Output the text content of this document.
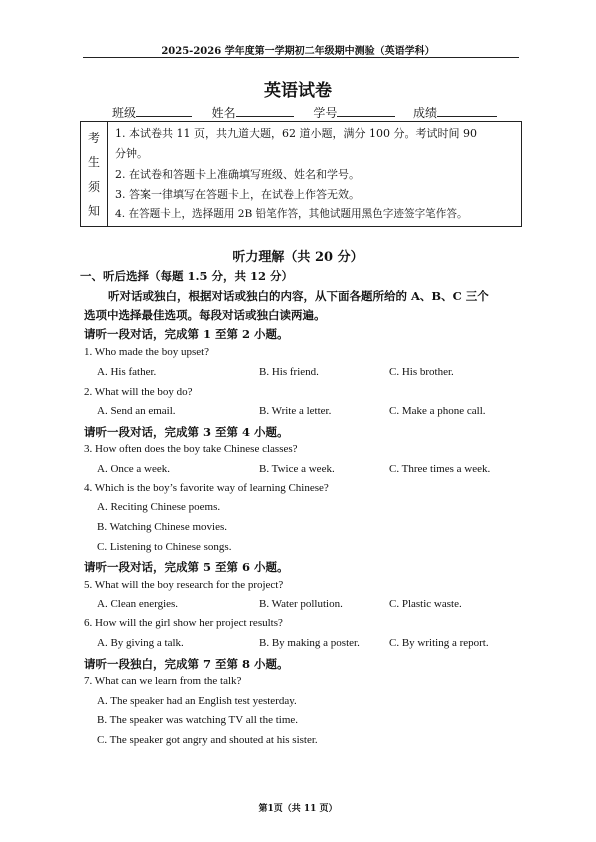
2025-2026 学年度第一学期初二年级期中测验（英语学科）
英语试卷
班级	姓名	学号	成绩
考
生
须
知
1. 本试卷共 11 页，共九道大题，62 道小题，满分 100 分。考试时间 90
分钟。
2. 在试卷和答题卡上准确填写班级、姓名和学号。
3. 答案一律填写在答题卡上，在试卷上作答无效。
4. 在答题卡上，选择题用 2B 铅笔作答，其他试题用黑色字迹签字笔作答。
听力理解（共 20 分）
一、听后选择（每题 1.5 分，共 12 分）
听对话或独白，根据对话或独白的内容，从下面各题所给的 A、B、C 三个
选项中选择最佳选项。每段对话或独白读两遍。
请听一段对话，完成第 1 至第 2 小题。
1. Who made the boy upset?
A. His father.	B. His friend.	C. His brother.
2. What will the boy do?
A. Send an email.	B. Write a letter.	C. Make a phone call.
请听一段对话，完成第 3 至第 4 小题。
3. How often does the boy take Chinese classes?
A. Once a week.	B. Twice a week.	C. Three times a week.
4. Which is the boy’s favorite way of learning Chinese?
A. Reciting Chinese poems.
B. Watching Chinese movies.
C. Listening to Chinese songs.
请听一段对话，完成第 5 至第 6 小题。
5. What will the boy research for the project?
A. Clean energies.	B. Water pollution.	C. Plastic waste.
6. How will the girl show her project results?
A. By giving a talk.	B. By making a poster.	C. By writing a report.
请听一段独白，完成第 7 至第 8 小题。
7. What can we learn from the talk?
A. The speaker had an English test yesterday.
B. The speaker was watching TV all the time.
C. The speaker got angry and shouted at his sister.
第1页（共 11 页）
